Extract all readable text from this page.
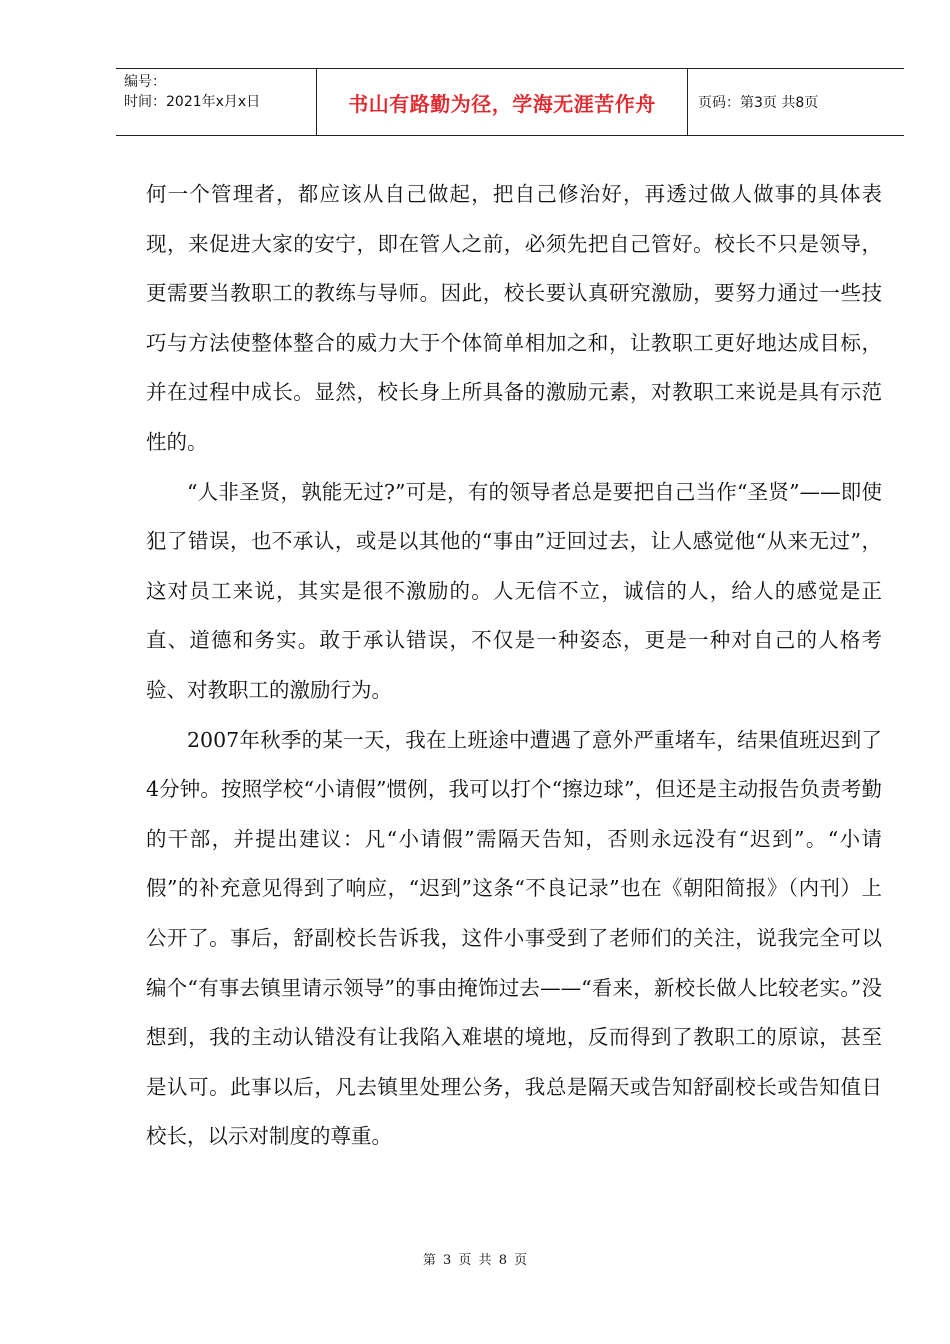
编号：
时间：2021年x月x日	书山有路勤为径，学海无涯苦作舟	页码：第3页 共8页

何一个管理者，都应该从自己做起，把自己修治好，再透过做人做事的具体表现，来促进大家的安宁，即在管人之前，必须先把自己管好。校长不只是领导，更需要当教职工的教练与导师。因此，校长要认真研究激励，要努力通过一些技巧与方法使整体整合的威力大于个体简单相加之和，让教职工更好地达成目标，并在过程中成长。显然，校长身上所具备的激励元素，对教职工来说是具有示范性的。

“人非圣贤，孰能无过?”可是，有的领导者总是要把自己当作“圣贤”——即使犯了错误，也不承认，或是以其他的“事由”迂回过去，让人感觉他“从来无过”，这对员工来说，其实是很不激励的。人无信不立，诚信的人，给人的感觉是正直、道德和务实。敢于承认错误，不仅是一种姿态，更是一种对自己的人格考验、对教职工的激励行为。

2007年秋季的某一天，我在上班途中遭遇了意外严重堵车，结果值班迟到了4分钟。按照学校“小请假”惯例，我可以打个“擦边球”，但还是主动报告负责考勤的干部，并提出建议：凡“小请假”需隔天告知，否则永远没有“迟到”。“小请假”的补充意见得到了响应，“迟到”这条“不良记录”也在《朝阳简报》（内刊）上公开了。事后，舒副校长告诉我，这件小事受到了老师们的关注，说我完全可以编个“有事去镇里请示领导”的事由掩饰过去——“看来，新校长做人比较老实。”没想到，我的主动认错没有让我陷入难堪的境地，反而得到了教职工的原谅，甚至是认可。此事以后，凡去镇里处理公务，我总是隔天或告知舒副校长或告知值日校长，以示对制度的尊重。

第 3 页 共 8 页
